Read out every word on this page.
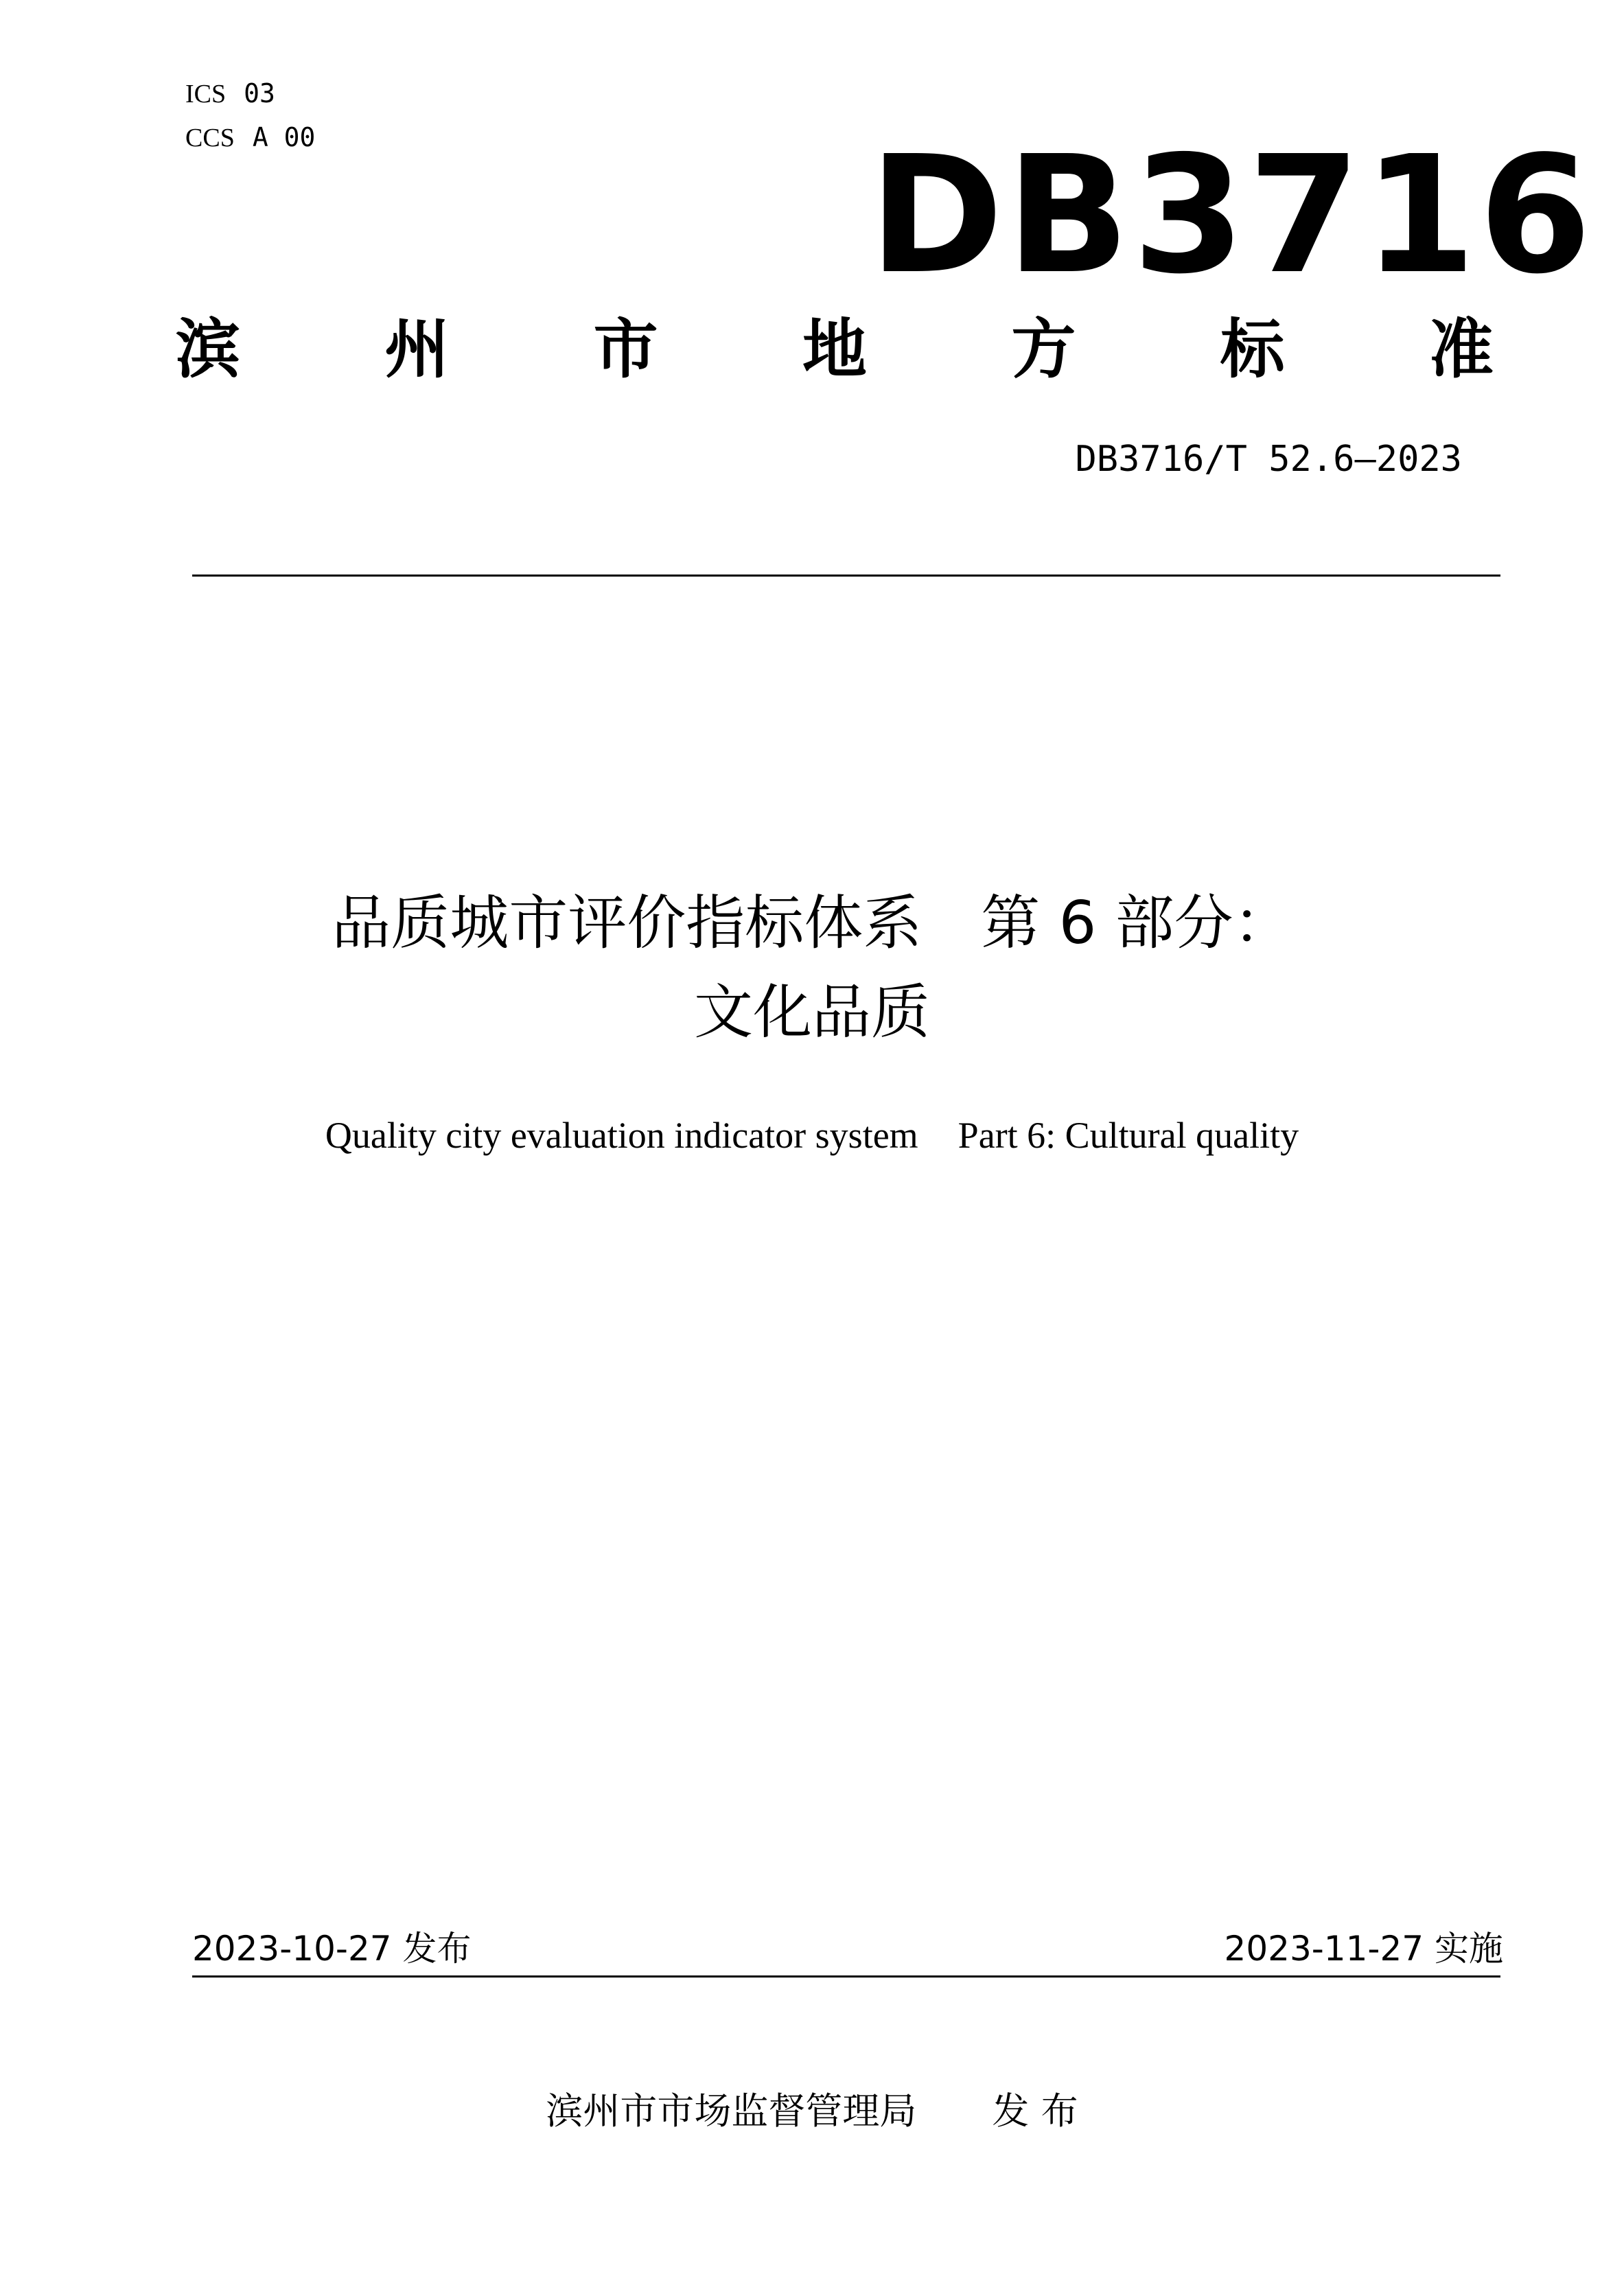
ICS 03
CCS A 00	DB3716
滨 州 市 地 方 标 准
DB3716/T 52.6—2023
品质城市评价指标体系　第 6 部分：
文化品质
Quality city evaluation indicator system Part 6: Cultural quality
2023-10-27 发布	2023-11-27 实施
滨州市市场监督管理局 发 布
